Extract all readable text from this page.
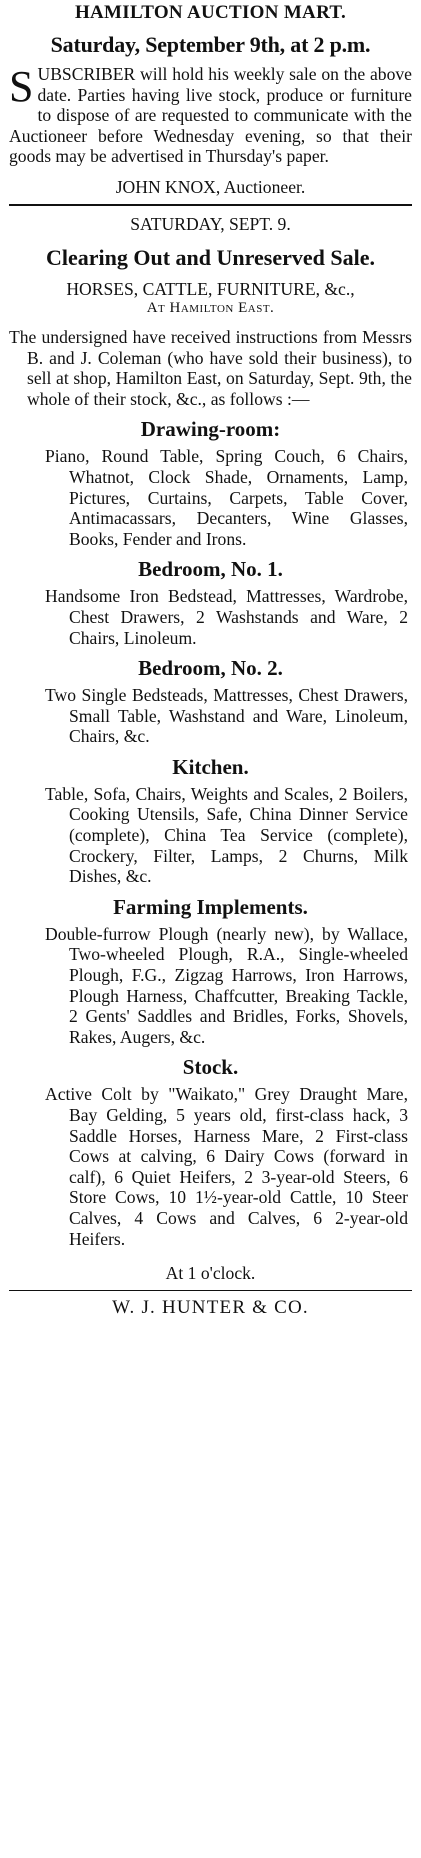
HAMILTON AUCTION MART.
Saturday, September 9th, at 2 p.m.
SUBSCRIBER will hold his weekly sale on the above date. Parties having live stock, produce or furniture to dispose of are requested to communicate with the Auctioneer before Wednesday evening, so that their goods may be advertised in Thursday's paper.
JOHN KNOX, Auctioneer.
SATURDAY, SEPT. 9.
Clearing Out and Unreserved Sale.
HORSES, CATTLE, FURNITURE, &c.,
At Hamilton East.
The undersigned have received instructions from Messrs B. and J. Coleman (who have sold their business), to sell at shop, Hamilton East, on Saturday, Sept. 9th, the whole of their stock, &c., as follows :—
Drawing-room:
Piano, Round Table, Spring Couch, 6 Chairs, Whatnot, Clock Shade, Ornaments, Lamp, Pictures, Curtains, Carpets, Table Cover, Antimacassars, Decanters, Wine Glasses, Books, Fender and Irons.
Bedroom, No. 1.
Handsome Iron Bedstead, Mattresses, Wardrobe, Chest Drawers, 2 Washstands and Ware, 2 Chairs, Linoleum.
Bedroom, No. 2.
Two Single Bedsteads, Mattresses, Chest Drawers, Small Table, Washstand and Ware, Linoleum, Chairs, &c.
Kitchen.
Table, Sofa, Chairs, Weights and Scales, 2 Boilers, Cooking Utensils, Safe, China Dinner Service (complete), China Tea Service (complete), Crockery, Filter, Lamps, 2 Churns, Milk Dishes, &c.
Farming Implements.
Double-furrow Plough (nearly new), by Wallace, Two-wheeled Plough, R.A., Single-wheeled Plough, F.G., Zigzag Harrows, Iron Harrows, Plough Harness, Chaffcutter, Breaking Tackle, 2 Gents' Saddles and Bridles, Forks, Shovels, Rakes, Augers, &c.
Stock.
Active Colt by "Waikato," Grey Draught Mare, Bay Gelding, 5 years old, first-class hack, 3 Saddle Horses, Harness Mare, 2 First-class Cows at calving, 6 Dairy Cows (forward in calf), 6 Quiet Heifers, 2 3-year-old Steers, 6 Store Cows, 10 1½-year-old Cattle, 10 Steer Calves, 4 Cows and Calves, 6 2-year-old Heifers.
At 1 o'clock.
W. J. HUNTER & CO.
